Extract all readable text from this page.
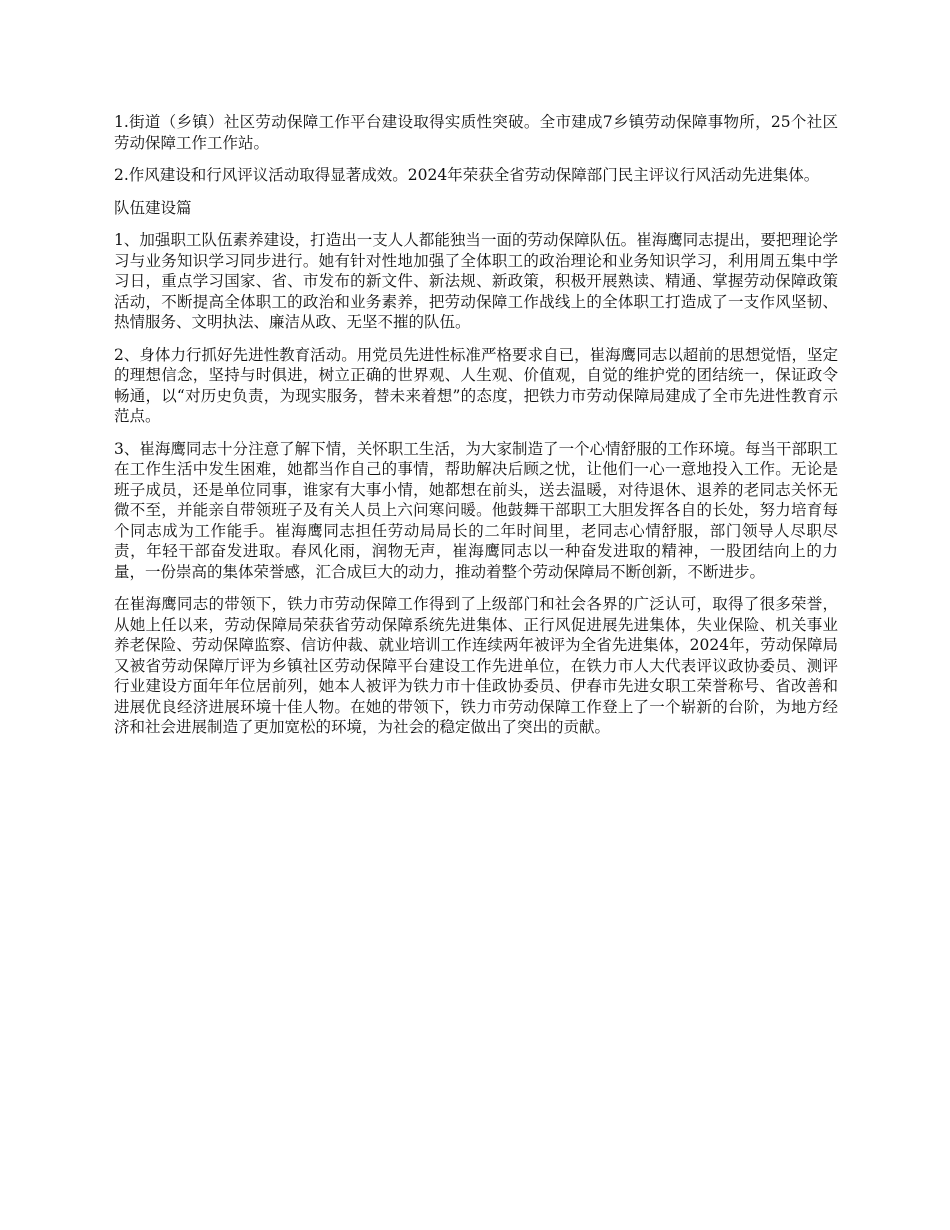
1.街道（乡镇）社区劳动保障工作平台建设取得实质性突破。全市建成7乡镇劳动保障事物所，25个社区劳动保障工作工作站。

2.作风建设和行风评议活动取得显著成效。2024年荣获全省劳动保障部门民主评议行风活动先进集体。

队伍建设篇

1、加强职工队伍素养建设，打造出一支人人都能独当一面的劳动保障队伍。崔海鹰同志提出，要把理论学习与业务知识学习同步进行。她有针对性地加强了全体职工的政治理论和业务知识学习，利用周五集中学习日，重点学习国家、省、市发布的新文件、新法规、新政策，积极开展熟读、精通、掌握劳动保障政策活动，不断提高全体职工的政治和业务素养，把劳动保障工作战线上的全体职工打造成了一支作风坚韧、热情服务、文明执法、廉洁从政、无坚不摧的队伍。

2、身体力行抓好先进性教育活动。用党员先进性标准严格要求自已，崔海鹰同志以超前的思想觉悟，坚定的理想信念，坚持与时俱进，树立正确的世界观、人生观、价值观，自觉的维护党的团结统一，保证政令畅通，以“对历史负责，为现实服务，替未来着想”的态度，把铁力市劳动保障局建成了全市先进性教育示范点。

3、崔海鹰同志十分注意了解下情，关怀职工生活，为大家制造了一个心情舒服的工作环境。每当干部职工在工作生活中发生困难，她都当作自己的事情，帮助解决后顾之忧，让他们一心一意地投入工作。无论是班子成员，还是单位同事，谁家有大事小情，她都想在前头，送去温暖，对待退休、退养的老同志关怀无微不至，并能亲自带领班子及有关人员上六问寒问暖。他鼓舞干部职工大胆发挥各自的长处，努力培育每个同志成为工作能手。崔海鹰同志担任劳动局局长的二年时间里，老同志心情舒服，部门领导人尽职尽责，年轻干部奋发进取。春风化雨，润物无声，崔海鹰同志以一种奋发进取的精神，一股团结向上的力量，一份崇高的集体荣誉感，汇合成巨大的动力，推动着整个劳动保障局不断创新，不断进步。

在崔海鹰同志的带领下，铁力市劳动保障工作得到了上级部门和社会各界的广泛认可，取得了很多荣誉，从她上任以来，劳动保障局荣获省劳动保障系统先进集体、正行风促进展先进集体，失业保险、机关事业养老保险、劳动保障监察、信访仲裁、就业培训工作连续两年被评为全省先进集体，2024年，劳动保障局又被省劳动保障厅评为乡镇社区劳动保障平台建设工作先进单位，在铁力市人大代表评议政协委员、测评行业建设方面年年位居前列，她本人被评为铁力市十佳政协委员、伊春市先进女职工荣誉称号、省改善和进展优良经济进展环境十佳人物。在她的带领下，铁力市劳动保障工作登上了一个崭新的台阶，为地方经济和社会进展制造了更加宽松的环境，为社会的稳定做出了突出的贡献。
